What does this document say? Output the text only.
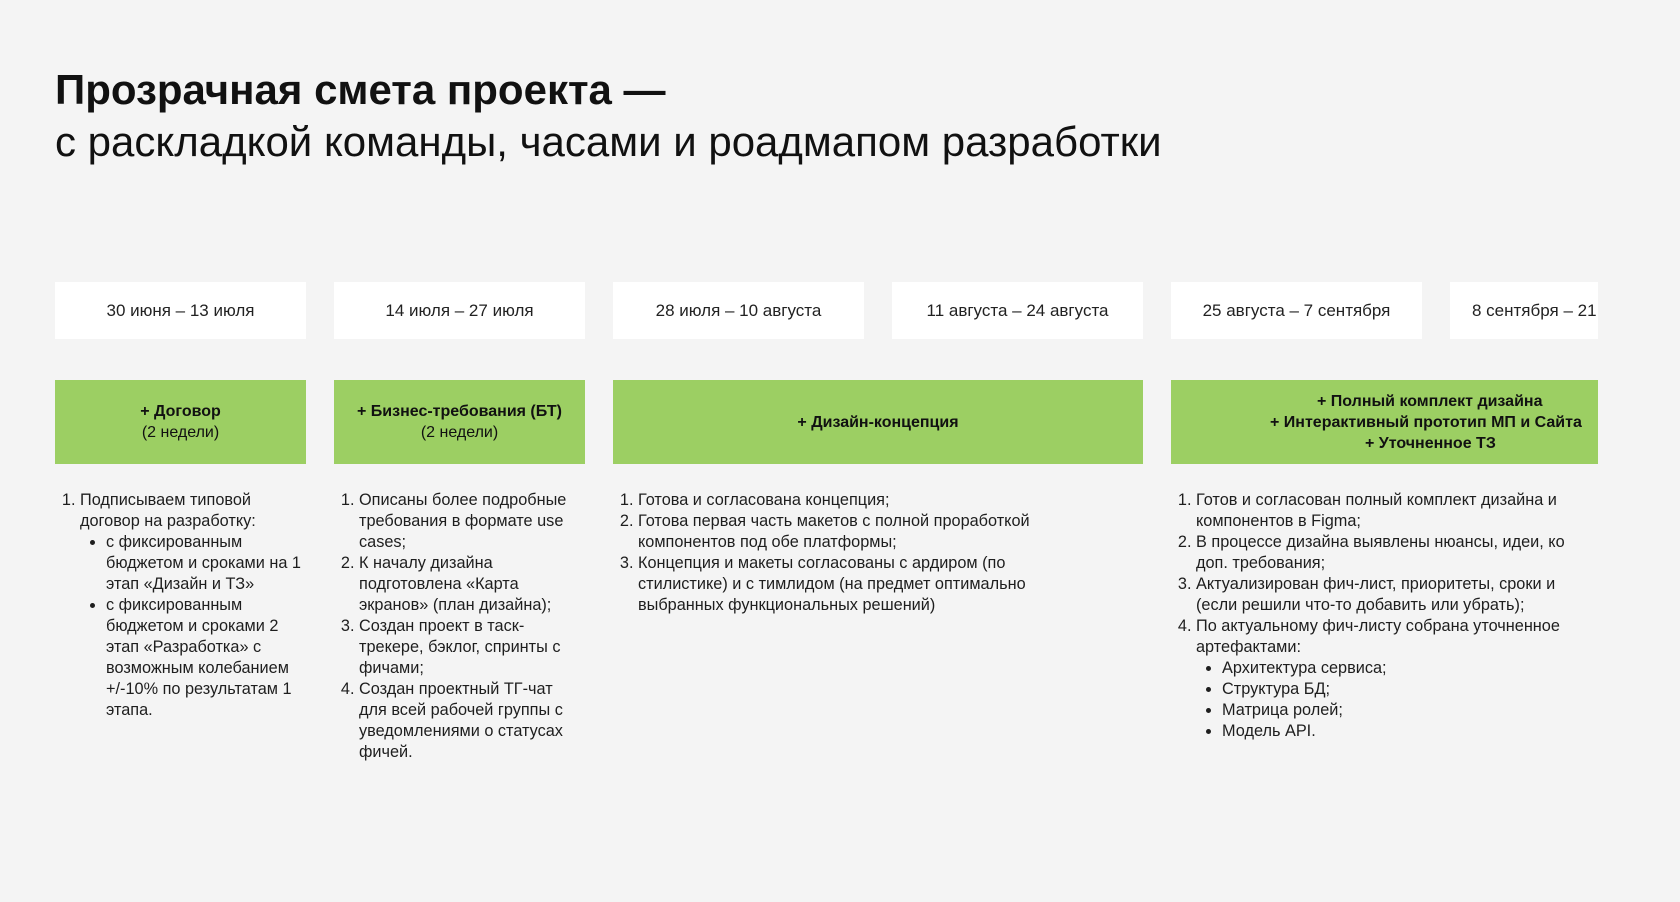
Прозрачная смета проекта —
с раскладкой команды, часами и роадмапом разработки
30 июня – 13 июля	14 июля – 27 июля	28 июля – 10 августа	11 августа – 24 августа	25 августа – 7 сентября	8 сентября – 21
+ Договор
(2 недели)
+ Бизнес-требования (БТ)
(2 недели)
+ Дизайн-концепция
+ Полный комплект дизайна
+ Интерактивный прототип МП и Сайта
+ Уточненное ТЗ
1. Подписываем типовой договор на разработку:
• с фиксированным бюджетом и сроками на 1 этап «Дизайн и ТЗ»
• с фиксированным бюджетом и сроками 2 этап «Разработка» с возможным колебанием +/-10% по результатам 1 этапа.
1. Описаны более подробные требования в формате use cases;
2. К началу дизайна подготовлена «Карта экранов» (план дизайна);
3. Создан проект в таск-трекере, бэклог, спринты с фичами;
4. Создан проектный ТГ-чат для всей рабочей группы с уведомлениями о статусах фичей.
1. Готова и согласована концепция;
2. Готова первая часть макетов с полной проработкой компонентов под обе платформы;
3. Концепция и макеты согласованы с ардиром (по стилистике) и с тимлидом (на предмет оптимально выбранных функциональных решений)
1. Готов и согласован полный комплект дизайна и
компонентов в Figma;
2. В процессе дизайна выявлены нюансы, идеи, ко
доп. требования;
3. Актуализирован фич-лист, приоритеты, сроки и
(если решили что-то добавить или убрать);
4. По актуальному фич-листу собрана уточненное
артефактами:
• Архитектура сервиса;
• Структура БД;
• Матрица ролей;
• Модель API.
